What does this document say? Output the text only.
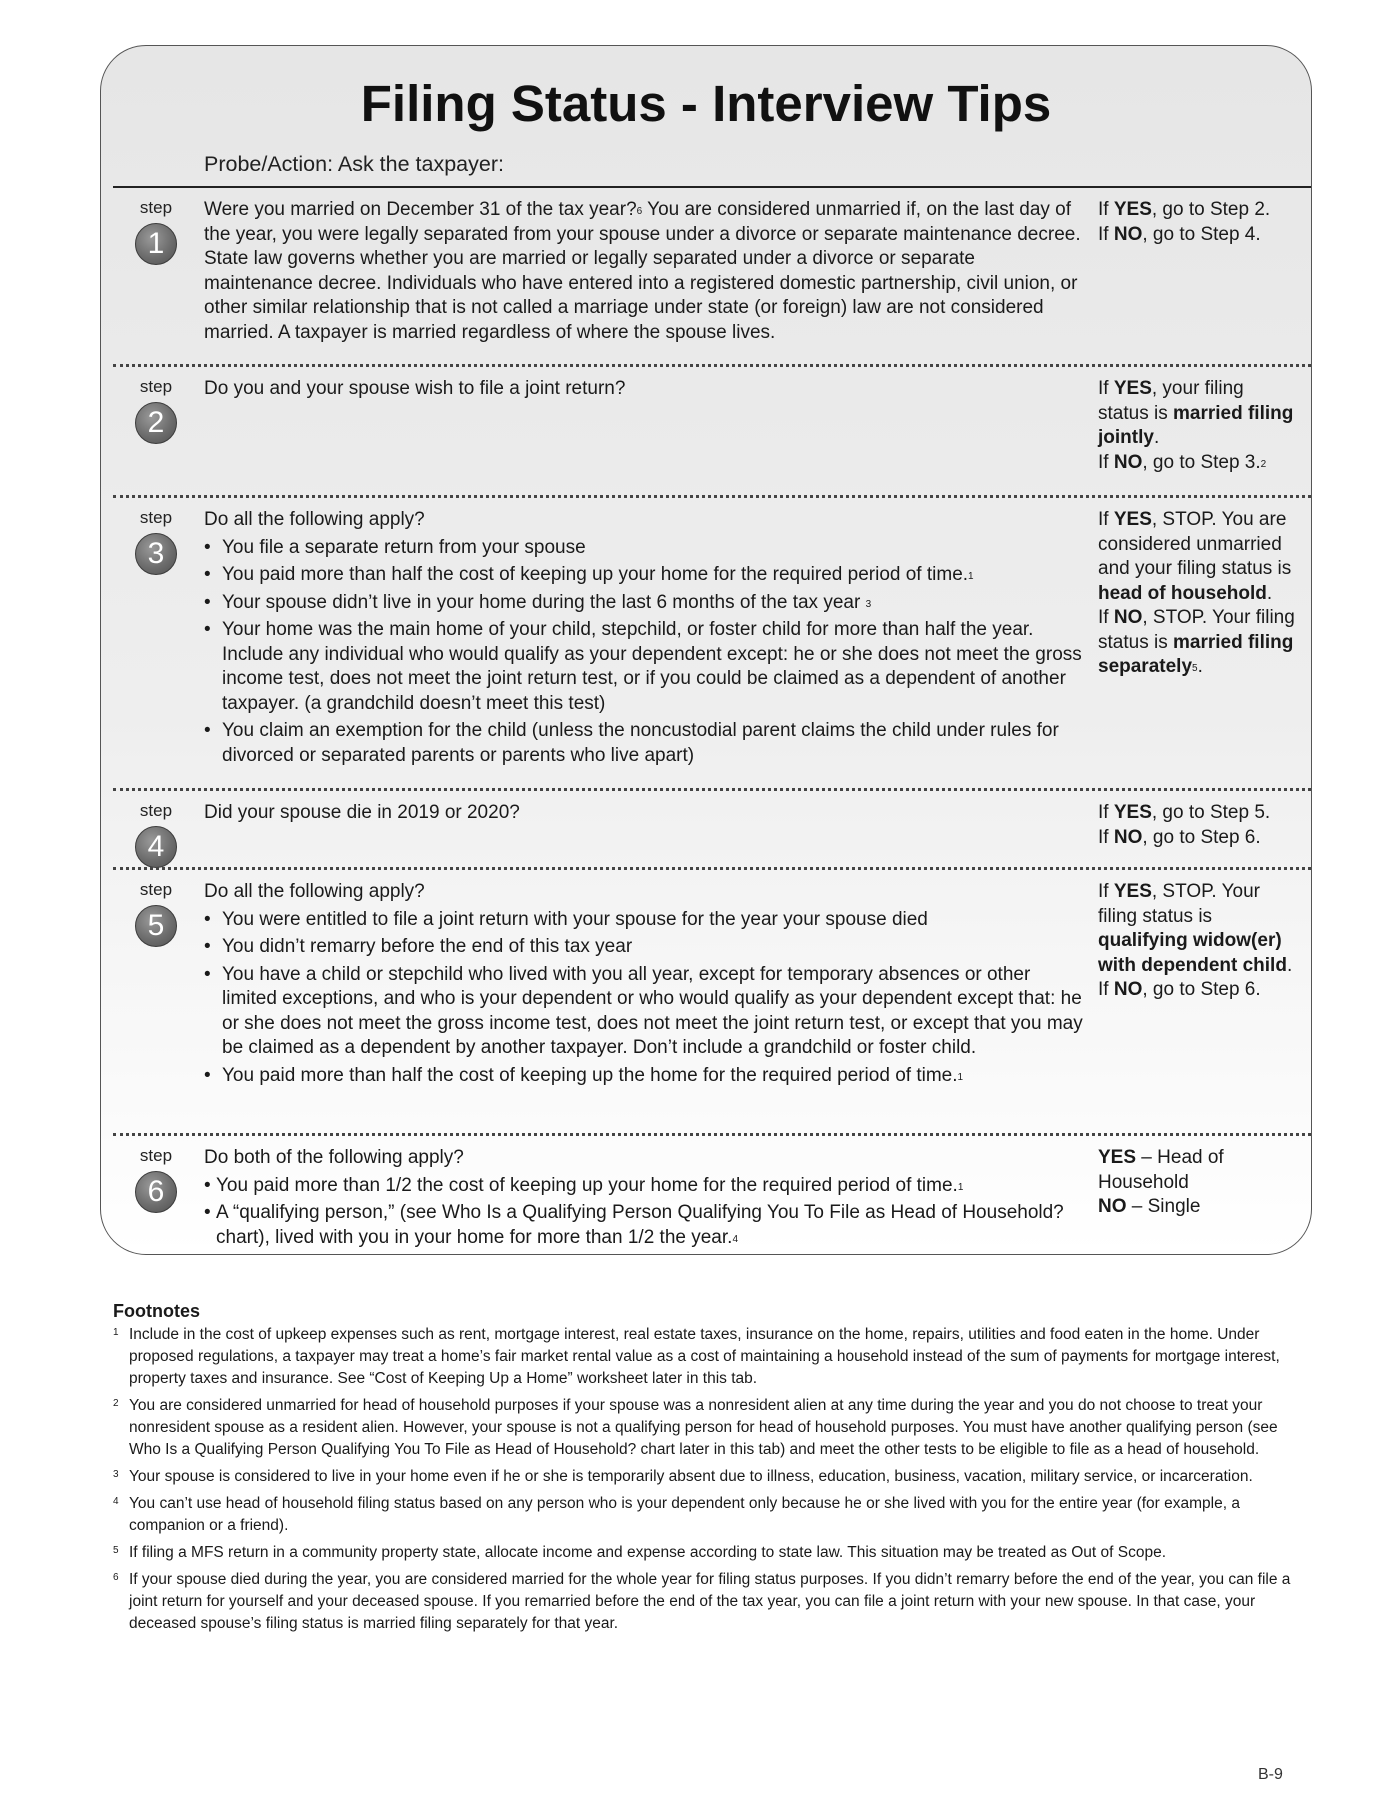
Filing Status - Interview Tips
Probe/Action: Ask the taxpayer:
step
1
Were you married on December 31 of the tax year?$^6$ You are considered unmarried if, on the last day of the year, you were legally separated from your spouse under a divorce or separate maintenance decree. State law governs whether you are married or legally separated under a divorce or separate maintenance decree. Individuals who have entered into a registered domestic partnership, civil union, or other similar relationship that is not called a marriage under state (or foreign) law are not considered married. A taxpayer is married regardless of where the spouse lives.
If YES, go to Step 2.
If NO, go to Step 4.
step
2
Do you and your spouse wish to file a joint return?	If YES, your filing status is married filing jointly.
If NO, go to Step 3.$^2$
step
3

Do all the following apply?

• You file a separate return from your spouse
• You paid more than half the cost of keeping up your home for the required period of time.$^1$
• Your spouse didn’t live in your home during the last 6 months of the tax year $^3$
• Your home was the main home of your child, stepchild, or foster child for more than half the year. Include any individual who would qualify as your dependent except: he or she does not meet the gross income test, does not meet the joint return test, or if you could be claimed as a dependent of another taxpayer. (a grandchild doesn’t meet this test)
• You claim an exemption for the child (unless the noncustodial parent claims the child under rules for divorced or separated parents or parents who live apart)
If YES, STOP. You are considered unmarried and your filing status is head of household.
If NO, STOP. Your filing status is married filing separately$^5$.
step
4
Did your spouse die in 2019 or 2020?	If YES, go to Step 5.
If NO, go to Step 6.
step
5

Do all the following apply?

• You were entitled to file a joint return with your spouse for the year your spouse died
• You didn’t remarry before the end of this tax year
• You have a child or stepchild who lived with you all year, except for temporary absences or other limited exceptions, and who is your dependent or who would qualify as your dependent except that: he or she does not meet the gross income test, does not meet the joint return test, or except that you may be claimed as a dependent by another taxpayer. Don’t include a grandchild or foster child.
• You paid more than half the cost of keeping up the home for the required period of time.$^1$
If YES, STOP. Your filing status is qualifying widow(er) with dependent child.
If NO, go to Step 6.
step
6

Do both of the following apply?

• You paid more than 1/2 the cost of keeping up your home for the required period of time.$^1$
• A “qualifying person,” (see Who Is a Qualifying Person Qualifying You To File as Head of Household? chart), lived with you in your home for more than 1/2 the year.$^4$
YES – Head of Household
NO – Single
Footnotes
1 Include in the cost of upkeep expenses such as rent, mortgage interest, real estate taxes, insurance on the home, repairs, utilities and food eaten in the home. Under proposed regulations, a taxpayer may treat a home’s fair market rental value as a cost of maintaining a household instead of the sum of payments for mortgage interest, property taxes and insurance. See “Cost of Keeping Up a Home” worksheet later in this tab.
2 You are considered unmarried for head of household purposes if your spouse was a nonresident alien at any time during the year and you do not choose to treat your nonresident spouse as a resident alien. However, your spouse is not a qualifying person for head of household purposes. You must have another qualifying person (see Who Is a Qualifying Person Qualifying You To File as Head of Household? chart later in this tab) and meet the other tests to be eligible to file as a head of household.
3 Your spouse is considered to live in your home even if he or she is temporarily absent due to illness, education, business, vacation, military service, or incarceration.
4 You can’t use head of household filing status based on any person who is your dependent only because he or she lived with you for the entire year (for example, a companion or a friend).
5 If filing a MFS return in a community property state, allocate income and expense according to state law. This situation may be treated as Out of Scope.
6 If your spouse died during the year, you are considered married for the whole year for filing status purposes. If you didn’t remarry before the end of the year, you can file a joint return for yourself and your deceased spouse. If you remarried before the end of the tax year, you can file a joint return with your new spouse. In that case, your deceased spouse’s filing status is married filing separately for that year.
B-9
